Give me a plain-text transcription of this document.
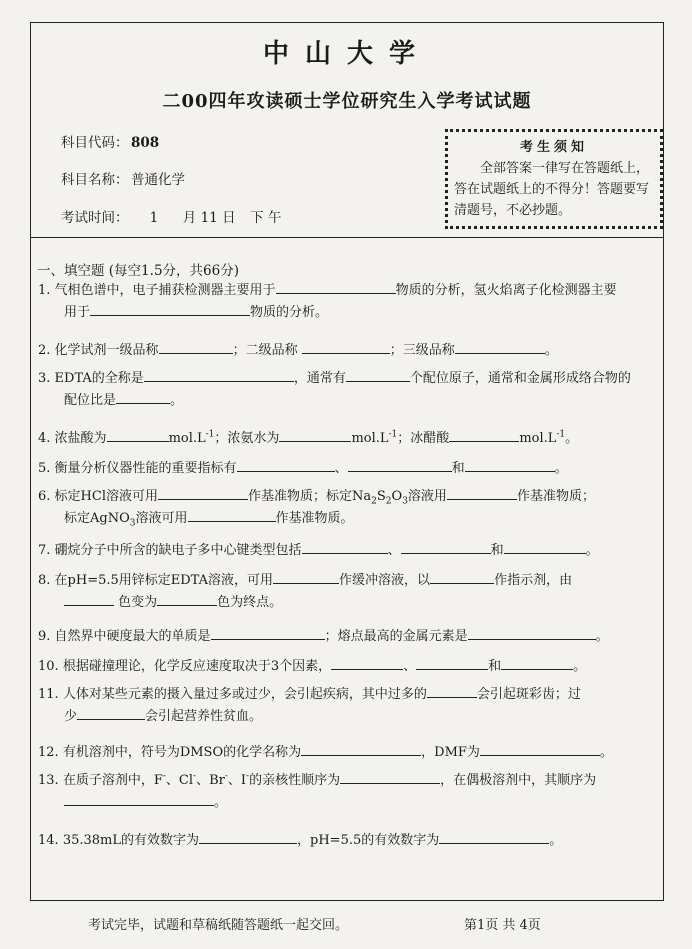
中山大学
二00四年攻读硕士学位研究生入学考试试题
科目代码： 808
科目名称： 普通化学
考试时间： 1 月 11 日 下 午
考生须知
全部答案一律写在答题纸上，答在试题纸上的不得分！答题要写清题号，不必抄题。
一、填空题 (每空1.5分，共66分)
1. 气相色谱中，电子捕获检测器主要用于	物质的分析，氢火焰离子化检测器主要
用于	物质的分析。
2. 化学试剂一级品称	；二级品称	；三级品称	。
3. EDTA的全称是	，通常有	个配位原子，通常和金属形成络合物的
配位比是	。
4. 浓盐酸为	$mol.L^{-1}$；浓氨水为	$mol.L^{-1}$；冰醋酸	$mol.L^{-1}$。
5. 衡量分析仪器性能的重要指标有	、	和	。
6. 标定HCl溶液可用	作基准物质；标定$Na_2S_2O_3$溶液用	作基准物质；
标定AgNO$_3$溶液可用	作基准物质。
7. 硼烷分子中所含的缺电子多中心键类型包括	、	和	。
8. 在pH=5.5用锌标定EDTA溶液，可用	作缓冲溶液，以	作指示剂，由
色变为	色为终点。
9. 自然界中硬度最大的单质是	；熔点最高的金属元素是	。
10. 根据碰撞理论，化学反应速度取决于3个因素，	、	和	。
11. 人体对某些元素的摄入量过多或过少，会引起疾病，其中过多的	会引起斑彩齿；过
少	会引起营养性贫血。
12. 有机溶剂中，符号为DMSO的化学名称为	，DMF为	。
13. 在质子溶剂中，F-、Cl-、Br-、I-的亲核性顺序为	，在偶极溶剂中，其顺序为
。
14. 35.38mL的有效数字为	，pH=5.5的有效数字为	。
考试完毕，试题和草稿纸随答题纸一起交回。	第1页 共 4页
